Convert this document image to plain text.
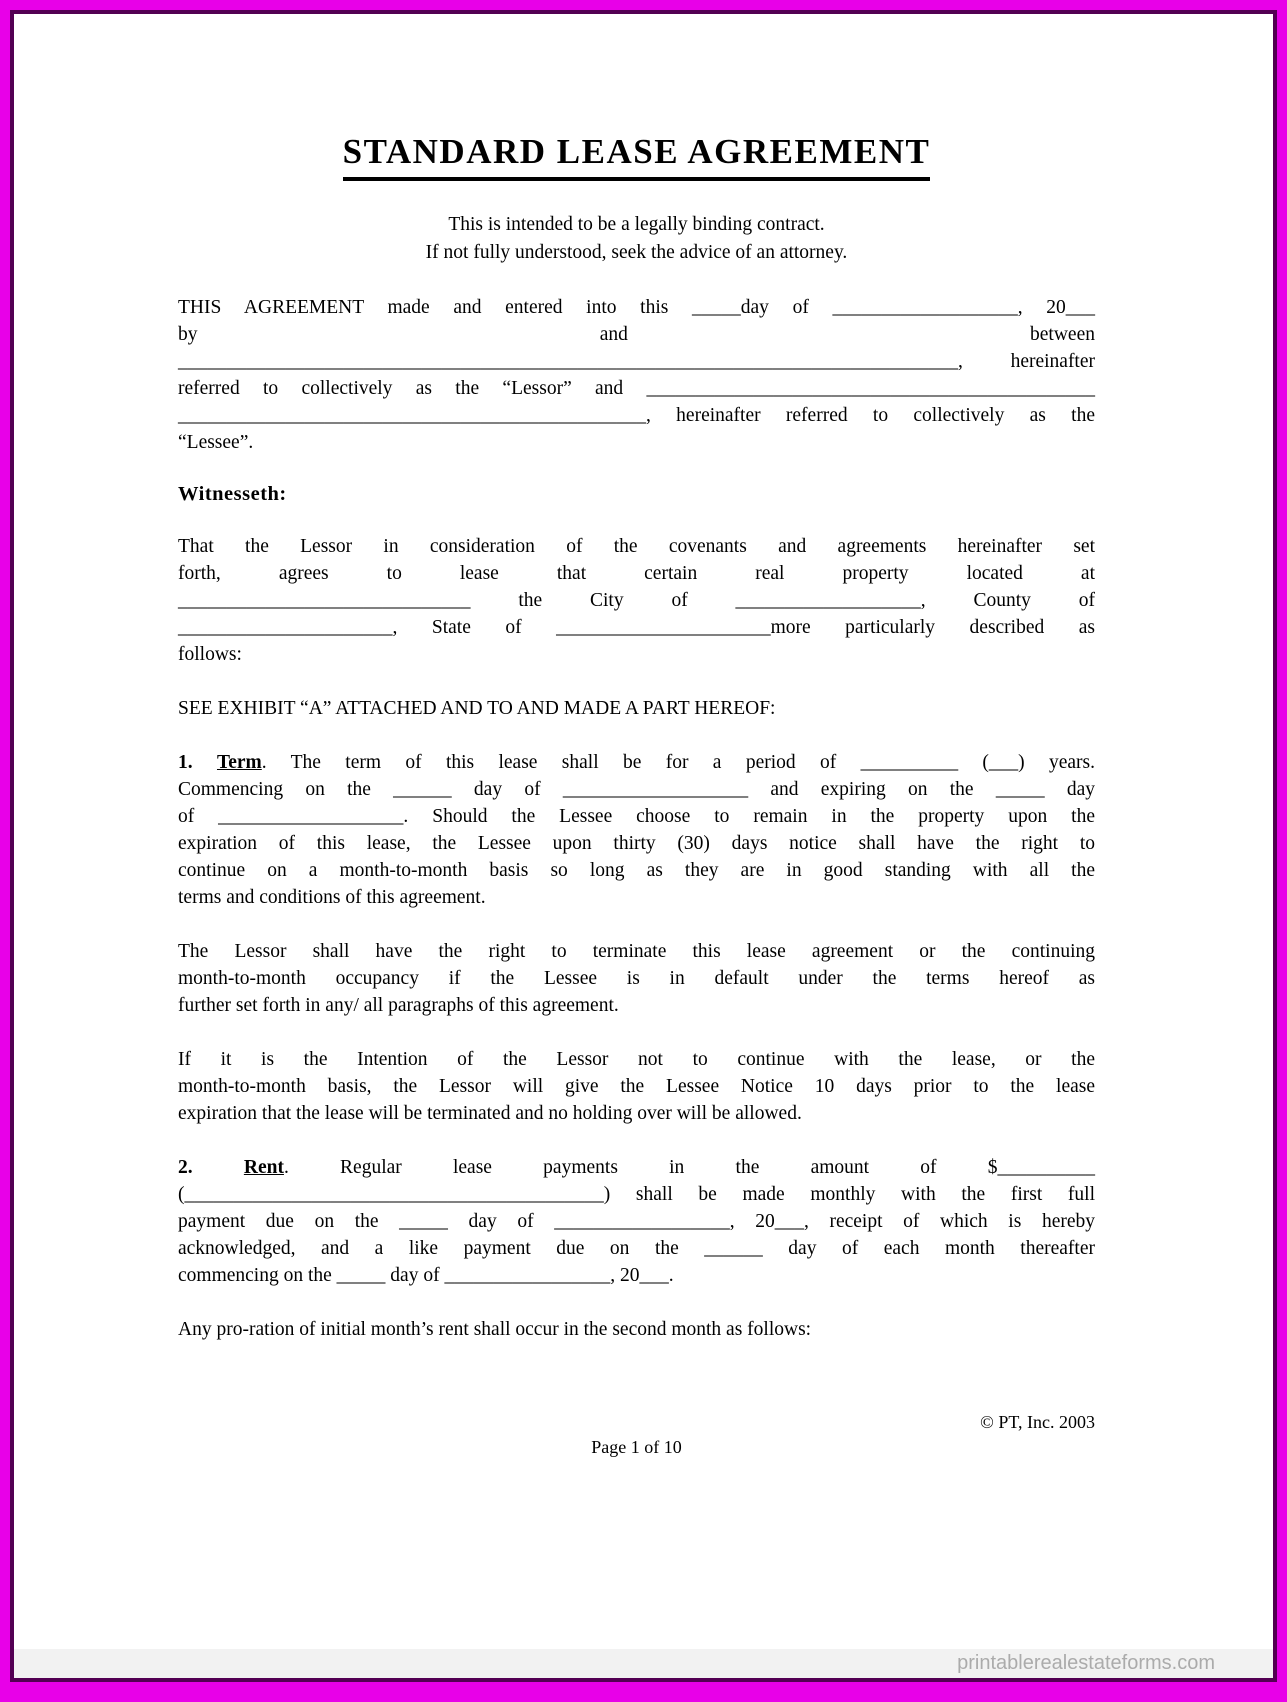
STANDARD LEASE AGREEMENT
This is intended to be a legally binding contract.
If not fully understood, seek the advice of an attorney.
THIS AGREEMENT made and entered into this _____day of ___________________, 20___
by and between
________________________________________________________________________________, hereinafter
referred to collectively as the “Lessor” and ______________________________________________
________________________________________________, hereinafter referred to collectively as the
“Lessee”.
Witnesseth:
That the Lessor in consideration of the covenants and agreements hereinafter set
forth, agrees to lease that certain real property located at
______________________________ the City of ___________________, County of
______________________, State of ______________________more particularly described as
follows:
SEE EXHIBIT “A” ATTACHED AND TO AND MADE A PART HEREOF:
1. Term. The term of this lease shall be for a period of __________ (___) years.
Commencing on the ______ day of ___________________ and expiring on the _____ day
of ___________________. Should the Lessee choose to remain in the property upon the
expiration of this lease, the Lessee upon thirty (30) days notice shall have the right to
continue on a month-to-month basis so long as they are in good standing with all the
terms and conditions of this agreement.
The Lessor shall have the right to terminate this lease agreement or the continuing
month-to-month occupancy if the Lessee is in default under the terms hereof as
further set forth in any/ all paragraphs of this agreement.
If it is the Intention of the Lessor not to continue with the lease, or the
month-to-month basis, the Lessor will give the Lessee Notice 10 days prior to the lease
expiration that the lease will be terminated and no holding over will be allowed.
2.	Rent. Regular lease payments in the amount of $__________
(___________________________________________) shall be made monthly with the first full
payment due on the _____ day of __________________, 20___, receipt of which is hereby
acknowledged, and a like payment due on the ______ day of each month thereafter
commencing on the _____ day of _________________, 20___.
Any pro-ration of initial month’s rent shall occur in the second month as follows:
© PT, Inc. 2003
Page 1 of 10
printablerealestateforms.com
